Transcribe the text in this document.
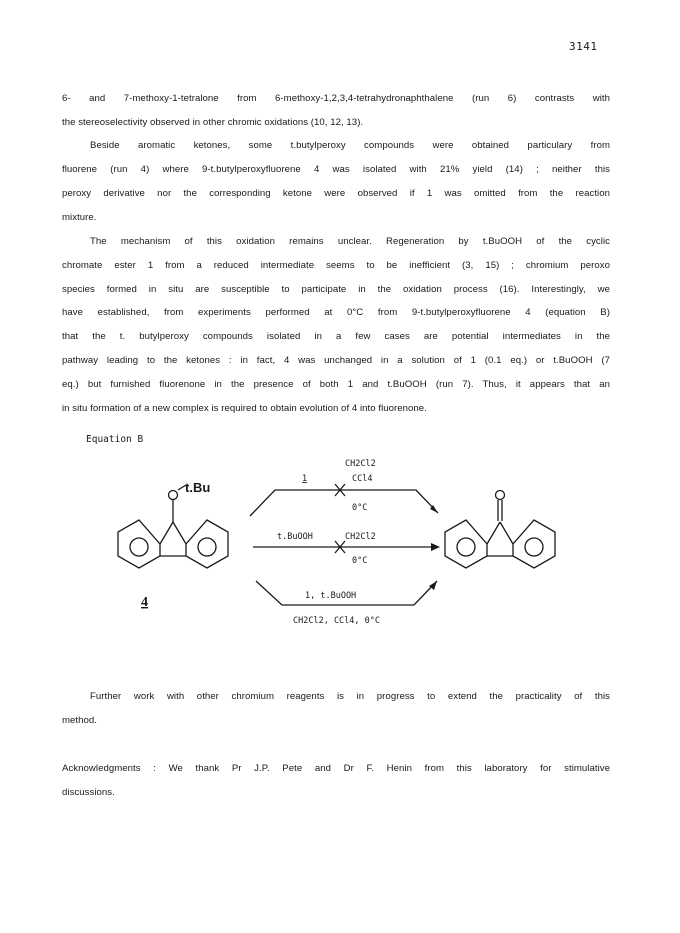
3141
6- and 7-methoxy-1-tetralone from 6-methoxy-1,2,3,4-tetrahydronaphthalene (run 6) contrasts with
the stereoselectivity observed in other chromic oxidations (10, 12, 13).
Beside aromatic ketones, some t.butylperoxy compounds were obtained particulary from
fluorene (run 4) where 9-t.butylperoxyfluorene 4 was isolated with 21% yield (14) ; neither this
peroxy derivative nor the corresponding ketone were observed if 1 was omitted from the reaction
mixture.
The mechanism of this oxidation remains unclear. Regeneration by t.BuOOH of the cyclic
chromate ester 1 from a reduced intermediate seems to be inefficient (3, 15) ; chromium peroxo
species formed in situ are susceptible to participate in the oxidation process (16). Interestingly, we
have established, from experiments performed at 0°C from 9-t.butylperoxyfluorene 4 (equation B)
that the t. butylperoxy compounds isolated in a few cases are potential intermediates in the
pathway leading to the ketones : in fact, 4 was unchanged in a solution of 1 (0.1 eq.) or t.BuOOH (7
eq.) but furnished fluorenone in the presence of both 1 and t.BuOOH (run 7). Thus, it appears that an
in situ formation of a new complex is required to obtain evolution of 4 into fluorenone.
Equation B
t.Bu
4
1
CH2Cl2
CCl4
0°C
t.BuOOH	CH2Cl2
0°C
1, t.BuOOH
CH2Cl2, CCl4, 0°C
Further work with other chromium reagents is in progress to extend the practicality of this
method.
Acknowledgments : We thank Pr J.P. Pete and Dr F. Henin from this laboratory for stimulative
discussions.
